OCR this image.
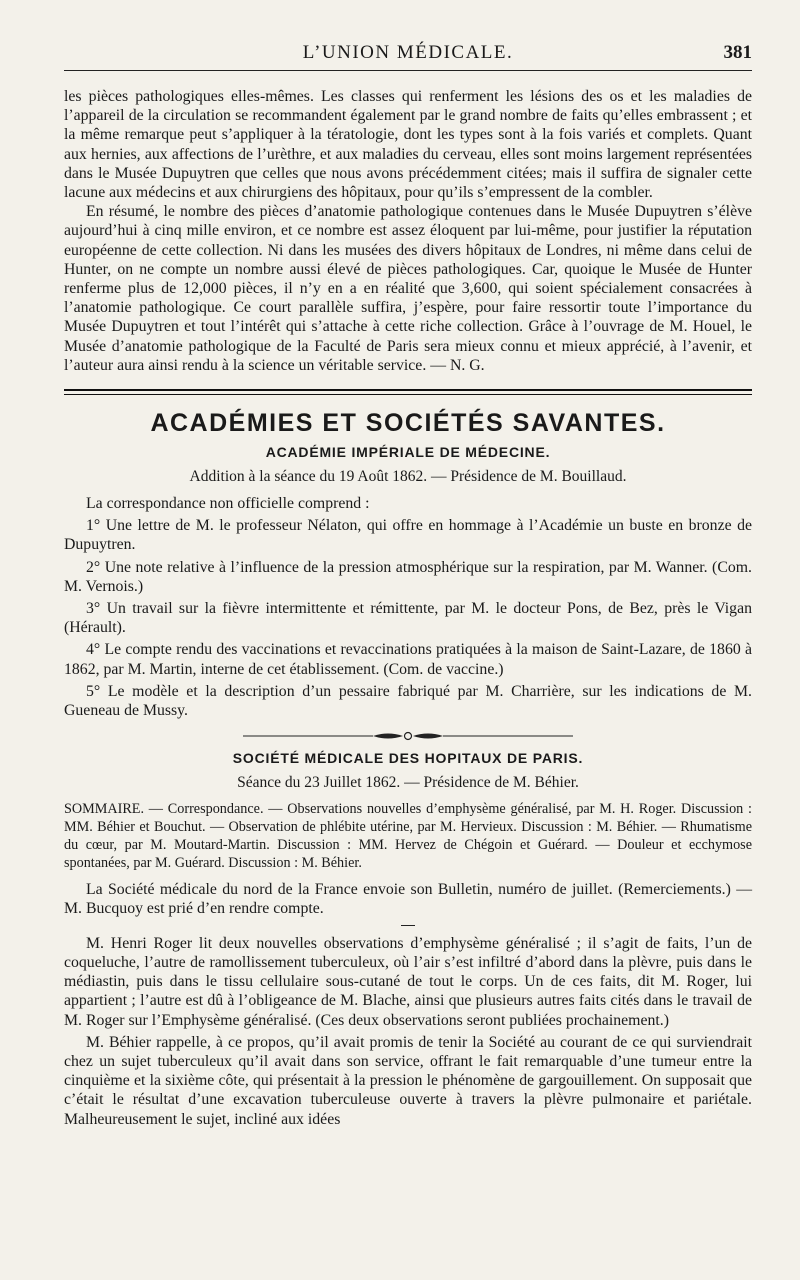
L’UNION MÉDICALE.	381

les pièces pathologiques elles-mêmes. Les classes qui renferment les lésions des os et les maladies de l’appareil de la circulation se recommandent également par le grand nombre de faits qu’elles embrassent ; et la même remarque peut s’appliquer à la tératologie, dont les types sont à la fois variés et complets. Quant aux hernies, aux affections de l’urèthre, et aux maladies du cerveau, elles sont moins largement représentées dans le Musée Dupuytren que celles que nous avons précédemment citées; mais il suffira de signaler cette lacune aux médecins et aux chirurgiens des hôpitaux, pour qu’ils s’empressent de la combler.

En résumé, le nombre des pièces d’anatomie pathologique contenues dans le Musée Dupuytren s’élève aujourd’hui à cinq mille environ, et ce nombre est assez éloquent par lui-même, pour justifier la réputation européenne de cette collection. Ni dans les musées des divers hôpitaux de Londres, ni même dans celui de Hunter, on ne compte un nombre aussi élevé de pièces pathologiques. Car, quoique le Musée de Hunter renferme plus de 12,000 pièces, il n’y en a en réalité que 3,600, qui soient spécialement consacrées à l’anatomie pathologique. Ce court parallèle suffira, j’espère, pour faire ressortir toute l’importance du Musée Dupuytren et tout l’intérêt qui s’attache à cette riche collection. Grâce à l’ouvrage de M. Houel, le Musée d’anatomie pathologique de la Faculté de Paris sera mieux connu et mieux apprécié, à l’avenir, et l’auteur aura ainsi rendu à la science un véritable service. — N. G.

ACADÉMIES ET SOCIÉTÉS SAVANTES.
ACADÉMIE IMPÉRIALE DE MÉDECINE.
Addition à la séance du 19 Août 1862. — Présidence de M. Bouillaud.

La correspondance non officielle comprend :

1° Une lettre de M. le professeur Nélaton, qui offre en hommage à l’Académie un buste en bronze de Dupuytren.

2° Une note relative à l’influence de la pression atmosphérique sur la respiration, par M. Wanner. (Com. M. Vernois.)

3° Un travail sur la fièvre intermittente et rémittente, par M. le docteur Pons, de Bez, près le Vigan (Hérault).

4° Le compte rendu des vaccinations et revaccinations pratiquées à la maison de Saint-Lazare, de 1860 à 1862, par M. Martin, interne de cet établissement. (Com. de vaccine.)

5° Le modèle et la description d’un pessaire fabriqué par M. Charrière, sur les indications de M. Gueneau de Mussy.

SOCIÉTÉ MÉDICALE DES HOPITAUX DE PARIS.
Séance du 23 Juillet 1862. — Présidence de M. Béhier.

SOMMAIRE. — Correspondance. — Observations nouvelles d’emphysème généralisé, par M. H. Roger. Discussion : MM. Béhier et Bouchut. — Observation de phlébite utérine, par M. Hervieux. Discussion : M. Béhier. — Rhumatisme du cœur, par M. Moutard-Martin. Discussion : MM. Hervez de Chégoin et Guérard. — Douleur et ecchymose spontanées, par M. Guérard. Discussion : M. Béhier.

La Société médicale du nord de la France envoie son Bulletin, numéro de juillet. (Remerciements.) — M. Bucquoy est prié d’en rendre compte.

M. Henri Roger lit deux nouvelles observations d’emphysème généralisé ; il s’agit de faits, l’un de coqueluche, l’autre de ramollissement tuberculeux, où l’air s’est infiltré d’abord dans la plèvre, puis dans le médiastin, puis dans le tissu cellulaire sous-cutané de tout le corps. Un de ces faits, dit M. Roger, lui appartient ; l’autre est dû à l’obligeance de M. Blache, ainsi que plusieurs autres faits cités dans le travail de M. Roger sur l’Emphysème généralisé. (Ces deux observations seront publiées prochainement.)

M. Béhier rappelle, à ce propos, qu’il avait promis de tenir la Société au courant de ce qui surviendrait chez un sujet tuberculeux qu’il avait dans son service, offrant le fait remarquable d’une tumeur entre la cinquième et la sixième côte, qui présentait à la pression le phénomène de gargouillement. On supposait que c’était le résultat d’une excavation tuberculeuse ouverte à travers la plèvre pulmonaire et pariétale. Malheureusement le sujet, incliné aux idées
